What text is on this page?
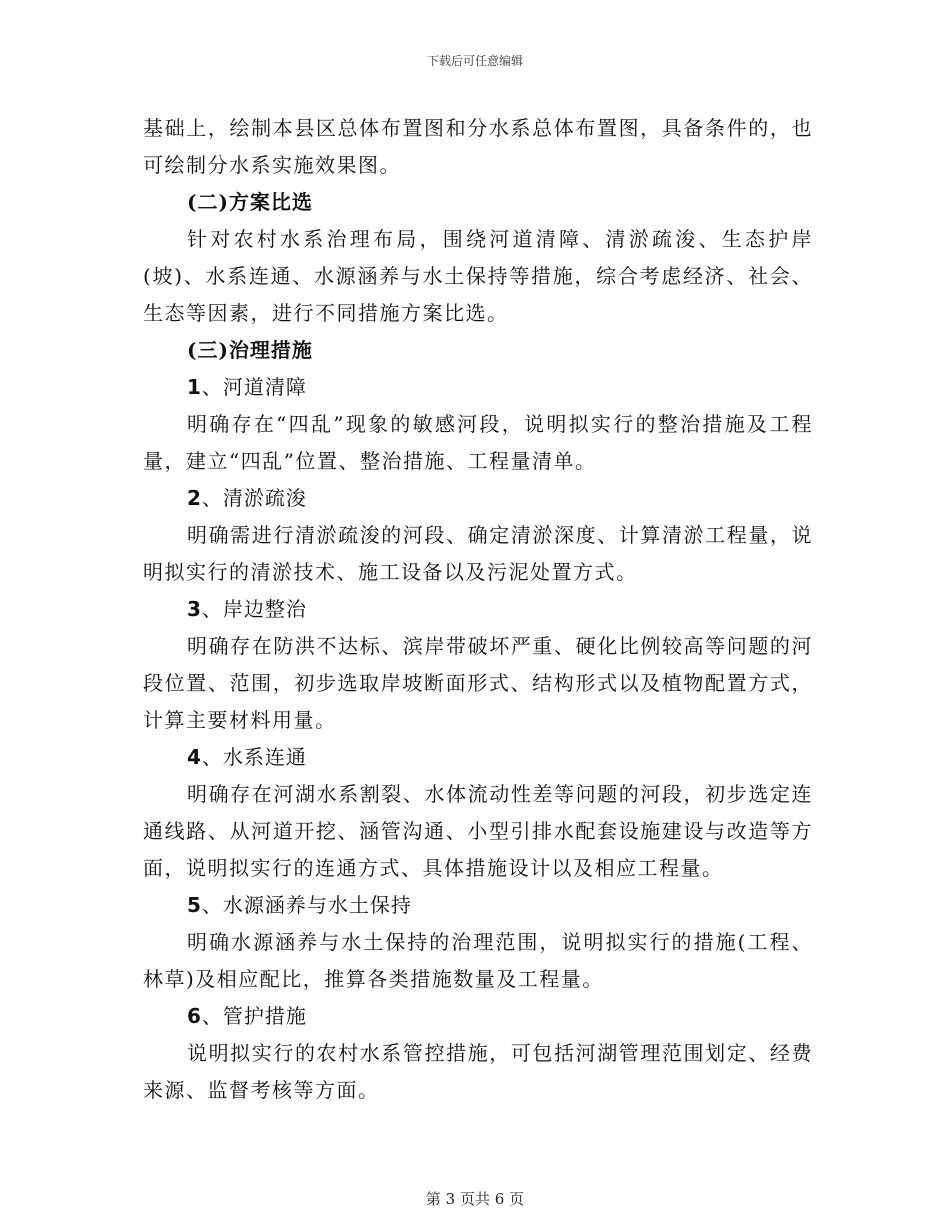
下载后可任意编辑

基础上，绘制本县区总体布置图和分水系总体布置图，具备条件的，也可绘制分水系实施效果图。

(二)方案比选

针对农村水系治理布局，围绕河道清障、清淤疏浚、生态护岸(坡)、水系连通、水源涵养与水土保持等措施，综合考虑经济、社会、生态等因素，进行不同措施方案比选。

(三)治理措施

1、河道清障

明确存在“四乱”现象的敏感河段，说明拟实行的整治措施及工程量，建立“四乱”位置、整治措施、工程量清单。

2、清淤疏浚

明确需进行清淤疏浚的河段、确定清淤深度、计算清淤工程量，说明拟实行的清淤技术、施工设备以及污泥处置方式。

3、岸边整治

明确存在防洪不达标、滨岸带破坏严重、硬化比例较高等问题的河段位置、范围，初步选取岸坡断面形式、结构形式以及植物配置方式，计算主要材料用量。

4、水系连通

明确存在河湖水系割裂、水体流动性差等问题的河段，初步选定连通线路、从河道开挖、涵管沟通、小型引排水配套设施建设与改造等方面，说明拟实行的连通方式、具体措施设计以及相应工程量。

5、水源涵养与水土保持

明确水源涵养与水土保持的治理范围，说明拟实行的措施(工程、林草)及相应配比，推算各类措施数量及工程量。

6、管护措施

说明拟实行的农村水系管控措施，可包括河湖管理范围划定、经费来源、监督考核等方面。

第 3 页共 6 页
